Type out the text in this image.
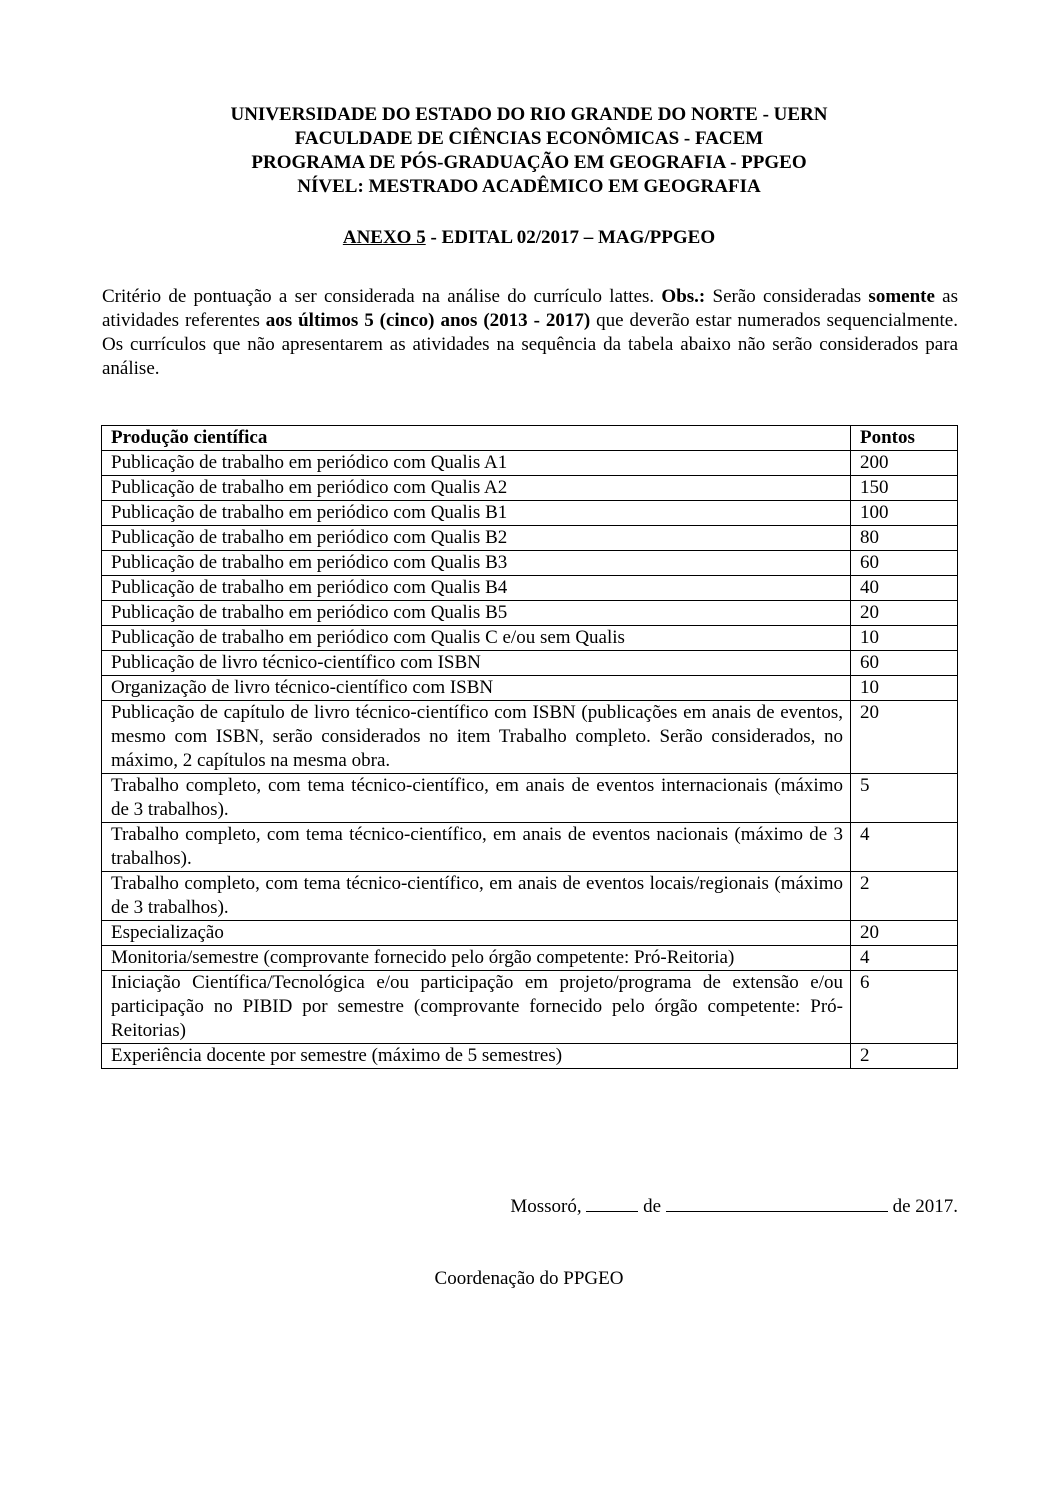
UNIVERSIDADE DO ESTADO DO RIO GRANDE DO NORTE - UERN
FACULDADE DE CIÊNCIAS ECONÔMICAS - FACEM
PROGRAMA DE PÓS-GRADUAÇÃO EM GEOGRAFIA - PPGEO
NÍVEL: MESTRADO ACADÊMICO EM GEOGRAFIA
ANEXO 5 - EDITAL 02/2017 – MAG/PPGEO
Critério de pontuação a ser considerada na análise do currículo lattes. Obs.: Serão consideradas somente as atividades referentes aos últimos 5 (cinco) anos (2013 - 2017) que deverão estar numerados sequencialmente. Os currículos que não apresentarem as atividades na sequência da tabela abaixo não serão considerados para análise.
Produção científica	Pontos
Publicação de trabalho em periódico com Qualis A1	200
Publicação de trabalho em periódico com Qualis A2	150
Publicação de trabalho em periódico com Qualis B1	100
Publicação de trabalho em periódico com Qualis B2	80
Publicação de trabalho em periódico com Qualis B3	60
Publicação de trabalho em periódico com Qualis B4	40
Publicação de trabalho em periódico com Qualis B5	20
Publicação de trabalho em periódico com Qualis C e/ou sem Qualis	10
Publicação de livro técnico-científico com ISBN	60
Organização de livro técnico-científico com ISBN	10
Publicação de capítulo de livro técnico-científico com ISBN (publicações em anais de eventos, mesmo com ISBN, serão considerados no item Trabalho completo. Serão considerados, no máximo, 2 capítulos na mesma obra.	20
Trabalho completo, com tema técnico-científico, em anais de eventos internacionais (máximo de 3 trabalhos).	5
Trabalho completo, com tema técnico-científico, em anais de eventos nacionais (máximo de 3 trabalhos).	4
Trabalho completo, com tema técnico-científico, em anais de eventos locais/regionais (máximo de 3 trabalhos).	2
Especialização	20
Monitoria/semestre (comprovante fornecido pelo órgão competente: Pró-Reitoria)	4
Iniciação Científica/Tecnológica e/ou participação em projeto/programa de extensão e/ou participação no PIBID por semestre (comprovante fornecido pelo órgão competente: Pró-Reitorias)	6
Experiência docente por semestre (máximo de 5 semestres)	2
Mossoró,	de	de 2017.
Coordenação do PPGEO
